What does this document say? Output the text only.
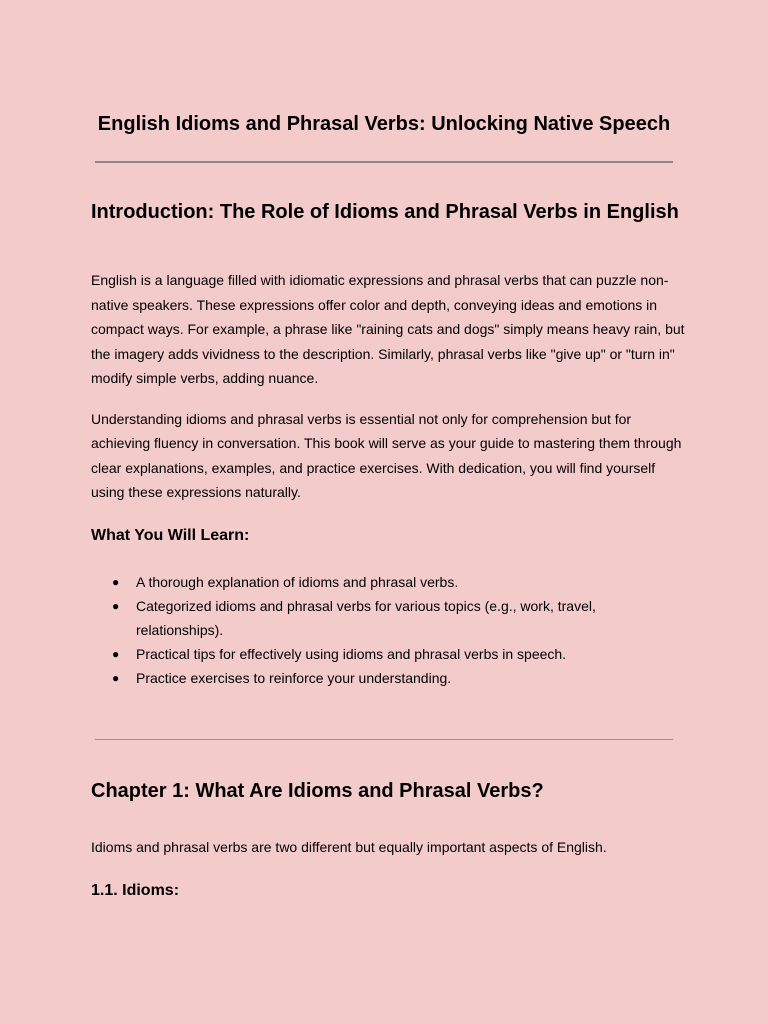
English Idioms and Phrasal Verbs: Unlocking Native Speech
Introduction: The Role of Idioms and Phrasal Verbs in English

English is a language filled with idiomatic expressions and phrasal verbs that can puzzle non-native speakers. These expressions offer color and depth, conveying ideas and emotions in compact ways. For example, a phrase like "raining cats and dogs" simply means heavy rain, but the imagery adds vividness to the description. Similarly, phrasal verbs like "give up" or "turn in" modify simple verbs, adding nuance.

Understanding idioms and phrasal verbs is essential not only for comprehension but for achieving fluency in conversation. This book will serve as your guide to mastering them through clear explanations, examples, and practice exercises. With dedication, you will find yourself using these expressions naturally.

What You Will Learn:
● A thorough explanation of idioms and phrasal verbs.
● Categorized idioms and phrasal verbs for various topics (e.g., work, travel, relationships).
● Practical tips for effectively using idioms and phrasal verbs in speech.
● Practice exercises to reinforce your understanding.
Chapter 1: What Are Idioms and Phrasal Verbs?

Idioms and phrasal verbs are two different but equally important aspects of English.

1.1. Idioms:
